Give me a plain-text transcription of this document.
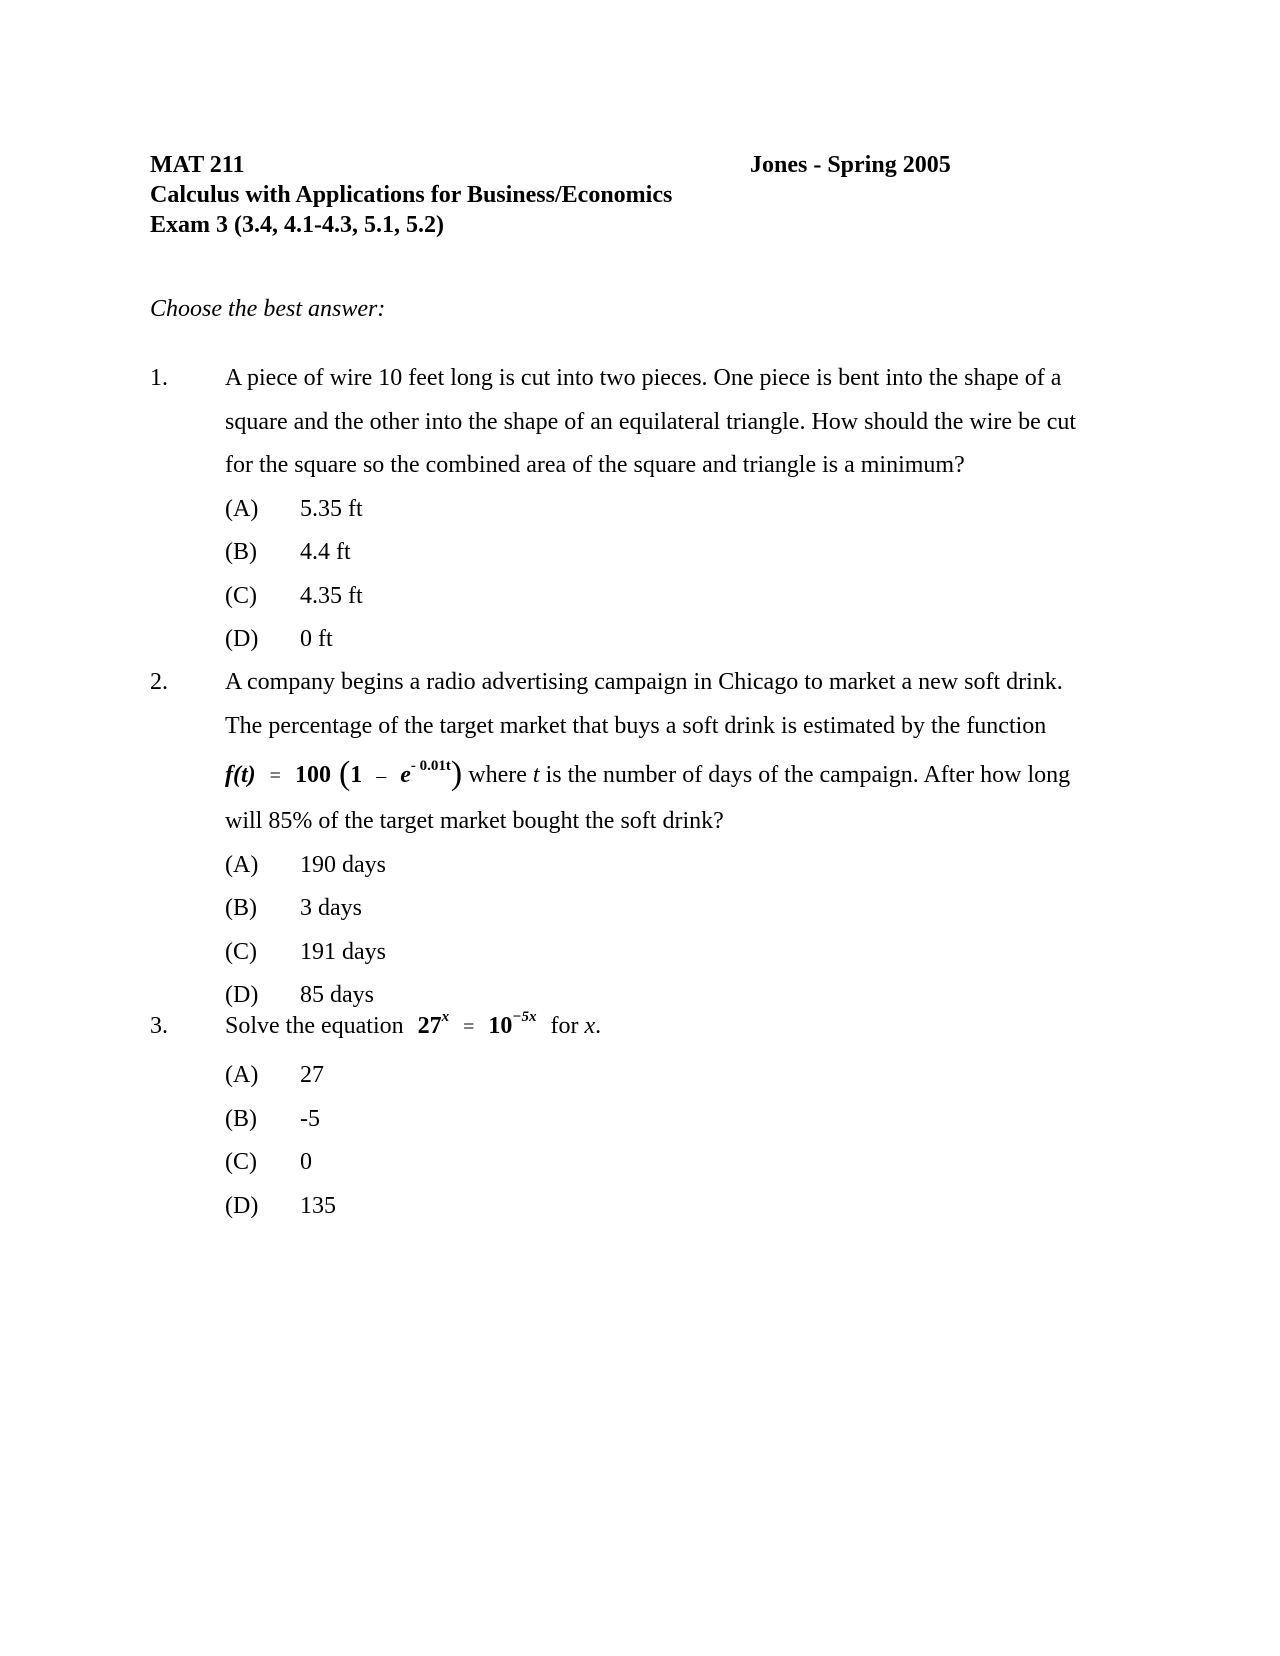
MAT 211	Jones - Spring 2005
Calculus with Applications for Business/Economics
Exam 3 (3.4, 4.1-4.3, 5.1, 5.2)
Choose the best answer:
1.	A piece of wire 10 feet long is cut into two pieces. One piece is bent into the shape of a
square and the other into the shape of an equilateral triangle. How should the wire be cut
for the square so the combined area of the square and triangle is a minimum?
(A) 5.35 ft
(B) 4.4 ft
(C) 4.35 ft
(D) 0 ft
2.	A company begins a radio advertising campaign in Chicago to market a new soft drink.
The percentage of the target market that buys a soft drink is estimated by the function
f(t) = 100 $(1 - e^{- 0.01t})$ where t is the number of days of the campaign. After how long
will 85% of the target market bought the soft drink?
(A) 190 days
(B) 3 days
(C) 191 days
(D) 85 days
3.	Solve the equation $27^x = 10^{-5x}$ for x.
(A) 27
(B) -5
(C) 0
(D) 135
